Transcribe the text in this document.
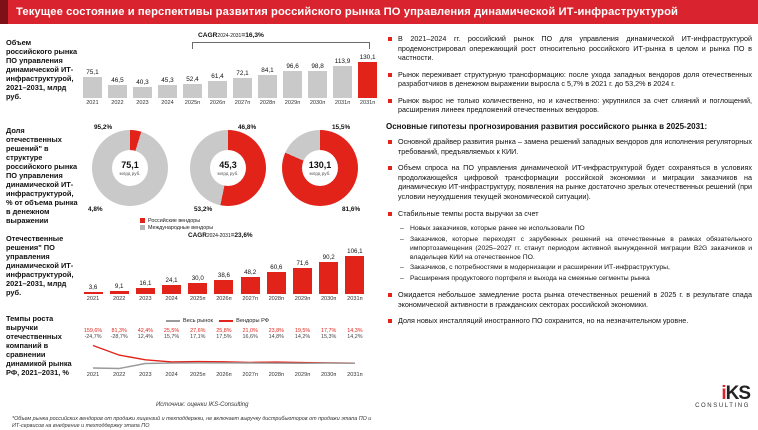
Текущее состояние и перспективы развития российского рынка ПО управления динамической ИТ-инфраструктурой
Объем российского рынка ПО управления динамической ИТ-инфраструктурой, 2021–2031, млрд руб.
Доля отечественных решений" в структуре российского рынка ПО управления динамической ИТ-инфраструктурой, % от объема рынка в денежном выражении
Отечественные решения" ПО управления динамической ИТ-инфраструктурой, 2021–2031, млрд руб.
Темпы роста выручки отечественных компаний в сравнении динамикой рынка РФ, 2021–2031, %
CAGR2024-2031=16,3%
75,1
46,5 40,3 45,3 52,4 61,4 72,1 84,1 96,6 98,8
113,9
130,1
2021	2022	2023	2024	2025п	2026п	2027п	2028п	2029п	2030п	2031п	2031п
95,2%
75,1
млрд руб.
4,8%
46,8%
45,3
млрд руб.
53,2%
15,5%
130,1
млрд руб.
81,6%
Российские вендоры
Международные вендоры
CAGR2024-2031=23,6%
3,6	9,1	16,1 24,1 30,0 38,6 48,2
60,6
71,6
90,2
106,1
2021	2022	2023	2024	2025п	2026п	2027п	2028п	2029п	2030п	2031п
Весь рынок	Вендоры РФ
159,6%	81,3%	42,4%	25,5%	27,6%	25,8%	21,0%	23,8%	19,5%	17,7%	14,3%
-24,7%	-28,7%	12,4%	15,7%	17,1%	17,5%	16,6%	14,8%	14,2%	15,3%	14,2%
2021	2022	2023	2024	2025п	2026п	2027п	2028п	2029п	2030п	2031п
Источник: оценки IKS-Consulting
*Объем рынка российских вендоров от продажи лицензий и техподдержки, не включает выручку дистрибьюторов от продажи этапа ПО и ИТ-сервисов на внедрение и техподдержку этапа ПО
В 2021–2024 гг. российский рынок ПО для управления динамической ИТ-инфраструктурой продемонстрировал опережающий рост относительно российского ИТ-рынка в целом и рынка ПО в частности.
Рынок переживает структурную трансформацию: после ухода западных вендоров доля отечественных разработчиков в денежном выражении выросла с 5,7% в 2021 г. до 53,2% в 2024 г.
Рынок вырос не только количественно, но и качественно: укрупнился за счет слияний и поглощений, расширения линеек предложений отечественных вендоров.
Основные гипотезы прогнозирования развития российского рынка в 2025-2031:
Основной драйвер развития рынка – замена решений западных вендоров для исполнения регуляторных требований, предъявляемых к КИИ.
Объем спроса на ПО управления динамической ИТ-инфраструктурой будет сохраняться в условиях продолжающейся цифровой трансформации российской экономики и миграции заказчиков на динамическую ИТ-инфраструктуру, появления на рынке достаточно зрелых отечественных решений (при условии неухудшения текущей экономической ситуации).
Стабильные темпы роста выручки за счет
– Новых заказчиков, которые ранее не использовали ПО
– Заказчиков, которые переходят с зарубежных решений на отечественные в рамках обязательного импортозамещения (2025–2027 гг. станут периодом активной вынужденной миграции B2G заказчиков и владельцев КИИ на отечественное ПО.
– Заказчиков, с потребностями в модернизации и расширении ИТ-инфраструктуры,
– Расширения продуктового портфеля и выхода на смежные сегменты рынка
Ожидается небольшое замедление роста рынка отечественных решений в 2025 г. в результате спада экономической активности в гражданских секторах российской экономики.
Доля новых инсталляций иностранного ПО сохранится, но на незначительном уровне.
iKS
CONSULTING
